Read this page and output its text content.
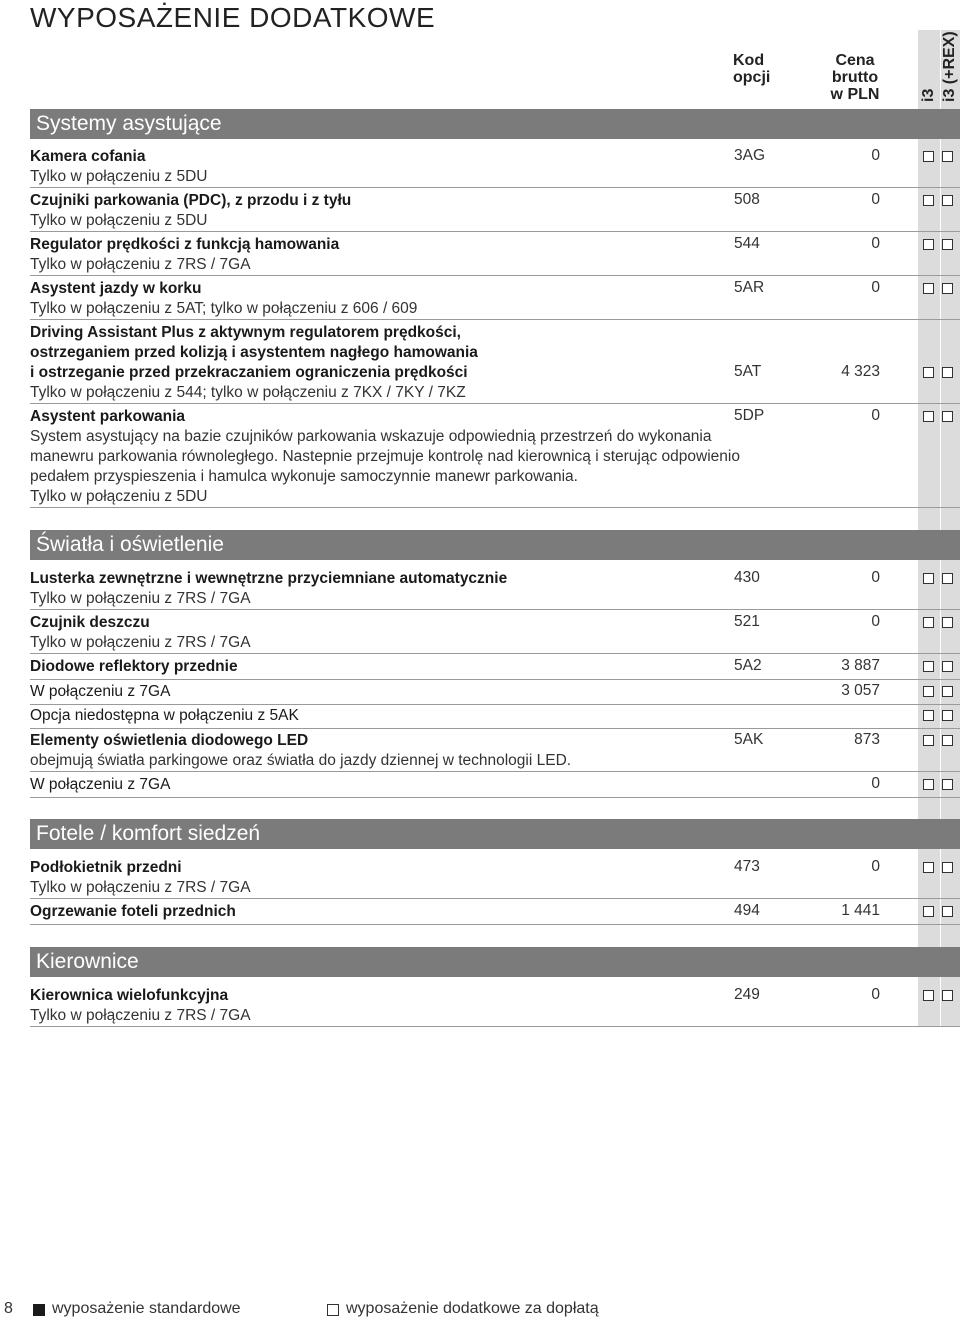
WYPOSAŻENIE DODATKOWE
Kod
opcji
Cena
brutto
w PLN	i3 i3 (+REX)
Systemy asystujące
Kamera cofania
Tylko w połączeniu z 5DU
3AG	0
Czujniki parkowania (PDC), z przodu i z tyłu
Tylko w połączeniu z 5DU
508	0
Regulator prędkości z funkcją hamowania
Tylko w połączeniu z 7RS / 7GA
544	0
Asystent jazdy w korku
Tylko w połączeniu z 5AT; tylko w połączeniu z 606 / 609
5AR	0
Driving Assistant Plus z aktywnym regulatorem prędkości,
ostrzeganiem przed kolizją i asystentem nagłego hamowania
i ostrzeganie przed przekraczaniem ograniczenia prędkości
Tylko w połączeniu z 544; tylko w połączeniu z 7KX / 7KY / 7KZ
5AT	4 323
Asystent parkowania
System asystujący na bazie czujników parkowania wskazuje odpowiednią przestrzeń do wykonania
manewru parkowania równoległego. Nastepnie przejmuje kontrolę nad kierownicą i sterując odpowienio
pedałem przyspieszenia i hamulca wykonuje samoczynnie manewr parkowania.
Tylko w połączeniu z 5DU
5DP	0
Światła i oświetlenie
Lusterka zewnętrzne i wewnętrzne przyciemniane automatycznie
Tylko w połączeniu z 7RS / 7GA
430	0
Czujnik deszczu
Tylko w połączeniu z 7RS / 7GA
521	0
Diodowe reflektory przednie	5A2	3 887
W połączeniu z 7GA	3 057
Opcja niedostępna w połączeniu z 5AK
Elementy oświetlenia diodowego LED
obejmują światła parkingowe oraz światła do jazdy dziennej w technologii LED.
5AK	873
W połączeniu z 7GA	0
Fotele / komfort siedzeń
Podłokietnik przedni
Tylko w połączeniu z 7RS / 7GA
473	0
Ogrzewanie foteli przednich	494	1 441
Kierownice
Kierownica wielofunkcyjna
Tylko w połączeniu z 7RS / 7GA
249	0
8 wyposażenie standardowe	wyposażenie dodatkowe za dopłatą
